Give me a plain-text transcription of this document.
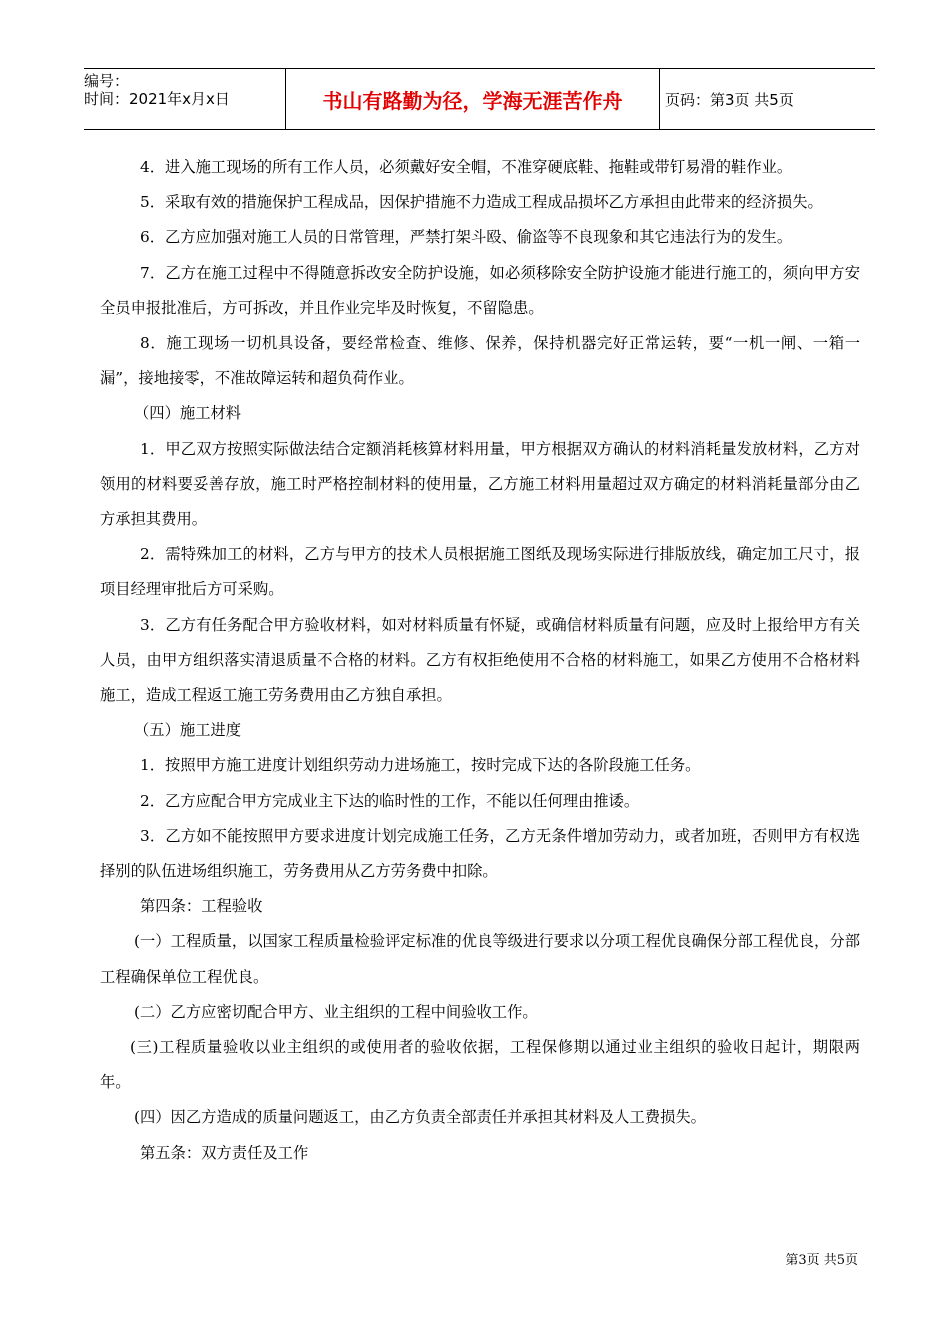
编号：
时间：2021年x月x日	书山有路勤为径，学海无涯苦作舟	页码：第3页 共5页

4．进入施工现场的所有工作人员，必须戴好安全帽，不准穿硬底鞋、拖鞋或带钉易滑的鞋作业。

5．采取有效的措施保护工程成品，因保护措施不力造成工程成品损坏乙方承担由此带来的经济损失。

6．乙方应加强对施工人员的日常管理，严禁打架斗殴、偷盗等不良现象和其它违法行为的发生。

7．乙方在施工过程中不得随意拆改安全防护设施，如必须移除安全防护设施才能进行施工的，须向甲方安全员申报批准后，方可拆改，并且作业完毕及时恢复，不留隐患。

8．施工现场一切机具设备，要经常检查、维修、保养，保持机器完好正常运转，要“一机一闸、一箱一漏”，接地接零，不准故障运转和超负荷作业。

（四）施工材料

1．甲乙双方按照实际做法结合定额消耗核算材料用量，甲方根据双方确认的材料消耗量发放材料，乙方对领用的材料要妥善存放，施工时严格控制材料的使用量，乙方施工材料用量超过双方确定的材料消耗量部分由乙方承担其费用。

2．需特殊加工的材料，乙方与甲方的技术人员根据施工图纸及现场实际进行排版放线，确定加工尺寸，报项目经理审批后方可采购。

3．乙方有任务配合甲方验收材料，如对材料质量有怀疑，或确信材料质量有问题，应及时上报给甲方有关人员，由甲方组织落实清退质量不合格的材料。乙方有权拒绝使用不合格的材料施工，如果乙方使用不合格材料施工，造成工程返工施工劳务费用由乙方独自承担。

（五）施工进度

1．按照甲方施工进度计划组织劳动力进场施工，按时完成下达的各阶段施工任务。

2．乙方应配合甲方完成业主下达的临时性的工作，不能以任何理由推诿。

3．乙方如不能按照甲方要求进度计划完成施工任务，乙方无条件增加劳动力，或者加班，否则甲方有权选择别的队伍进场组织施工，劳务费用从乙方劳务费中扣除。

第四条：工程验收

(一）工程质量，以国家工程质量检验评定标准的优良等级进行要求以分项工程优良确保分部工程优良，分部工程确保单位工程优良。

(二）乙方应密切配合甲方、业主组织的工程中间验收工作。

(三)工程质量验收以业主组织的或使用者的验收依据，工程保修期以通过业主组织的验收日起计，期限两年。

(四）因乙方造成的质量问题返工，由乙方负责全部责任并承担其材料及人工费损失。

第五条：双方责任及工作

第3页 共5页
